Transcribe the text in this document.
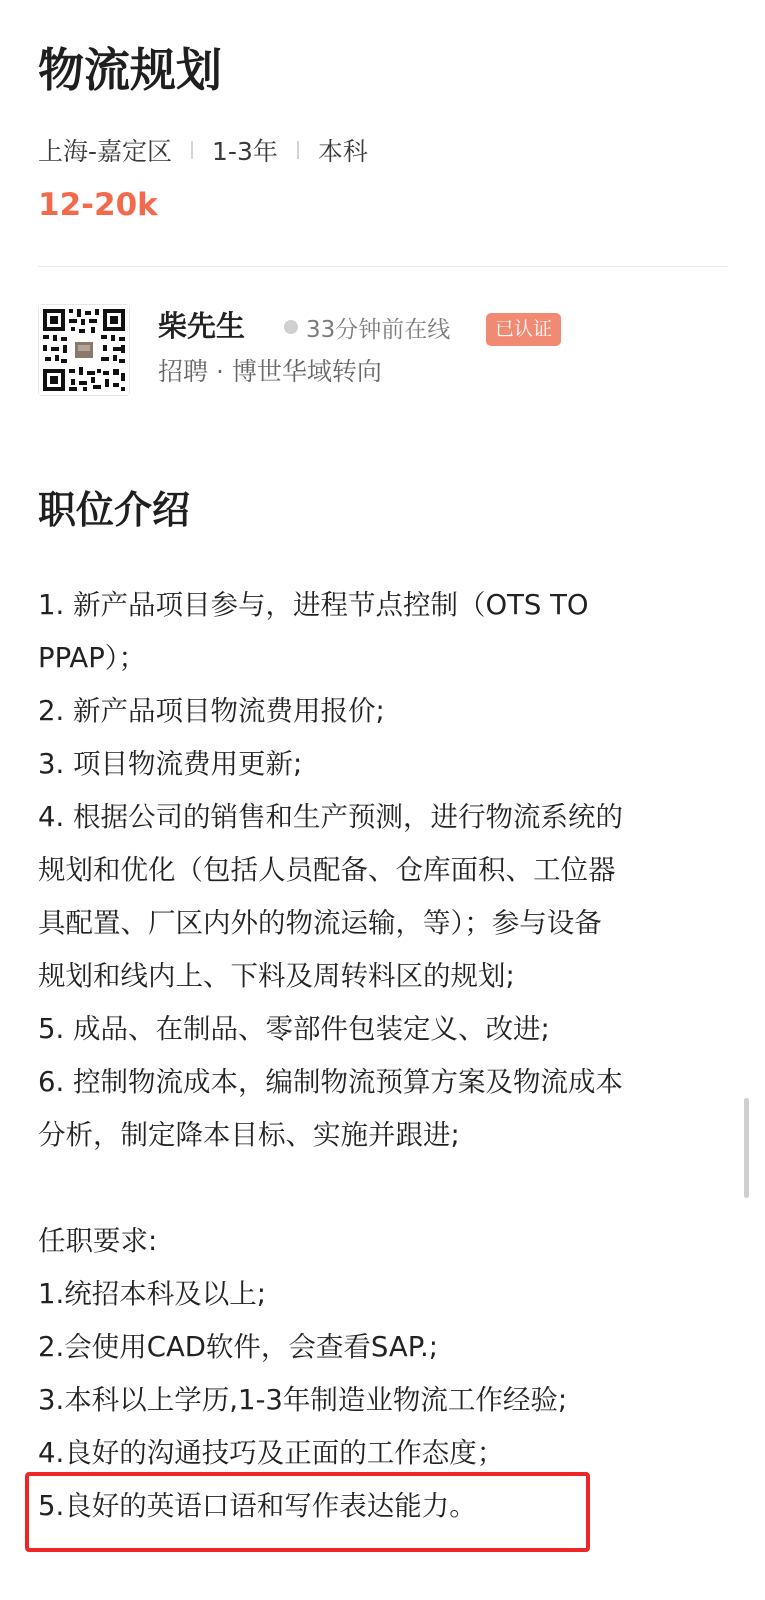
物流规划
上海-嘉定区 1-3年 本科
12-20k
柴先生	33分钟前在线	已认证
招聘 · 博世华域转向
职位介绍
1. 新产品项目参与，进程节点控制（OTS TO
PPAP）；
2. 新产品项目物流费用报价;
3. 项目物流费用更新;
4. 根据公司的销售和生产预测，进行物流系统的
规划和优化（包括人员配备、仓库面积、工位器
具配置、厂区内外的物流运输，等）；参与设备
规划和线内上、下料及周转料区的规划;
5. 成品、在制品、零部件包装定义、改进;
6. 控制物流成本，编制物流预算方案及物流成本
分析，制定降本目标、实施并跟进;
任职要求:
1.统招本科及以上;
2.会使用CAD软件，会查看SAP.;
3.本科以上学历,1-3年制造业物流工作经验;
4.良好的沟通技巧及正面的工作态度；
5.良好的英语口语和写作表达能力。
